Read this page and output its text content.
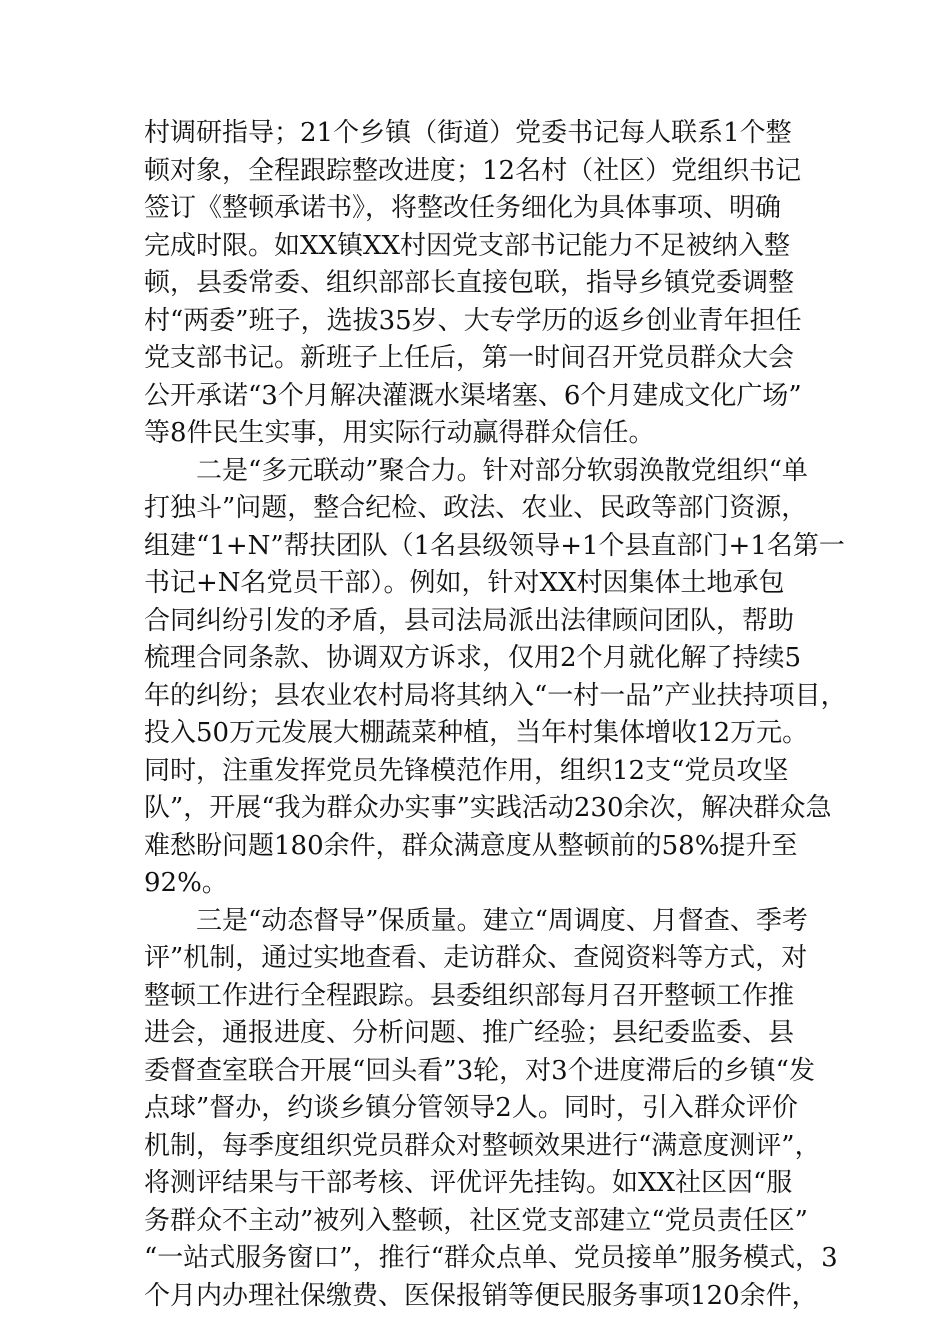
村调研指导；21个乡镇（街道）党委书记每人联系1个整
顿对象，全程跟踪整改进度；12名村（社区）党组织书记
签订《整顿承诺书》，将整改任务细化为具体事项、明确
完成时限。如XX镇XX村因党支部书记能力不足被纳入整
顿，县委常委、组织部部长直接包联，指导乡镇党委调整
村“两委”班子，选拔35岁、大专学历的返乡创业青年担任
党支部书记。新班子上任后，第一时间召开党员群众大会
公开承诺“3个月解决灌溉水渠堵塞、6个月建成文化广场”
等8件民生实事，用实际行动赢得群众信任。
二是“多元联动”聚合力。针对部分软弱涣散党组织“单
打独斗”问题，整合纪检、政法、农业、民政等部门资源，
组建“1+N”帮扶团队（1名县级领导+1个县直部门+1名第一
书记+N名党员干部）。例如，针对XX村因集体土地承包
合同纠纷引发的矛盾，县司法局派出法律顾问团队，帮助
梳理合同条款、协调双方诉求，仅用2个月就化解了持续5
年的纠纷；县农业农村局将其纳入“一村一品”产业扶持项目，
投入50万元发展大棚蔬菜种植，当年村集体增收12万元。
同时，注重发挥党员先锋模范作用，组织12支“党员攻坚
队”，开展“我为群众办实事”实践活动230余次，解决群众急
难愁盼问题180余件，群众满意度从整顿前的58%提升至
92%。
三是“动态督导”保质量。建立“周调度、月督查、季考
评”机制，通过实地查看、走访群众、查阅资料等方式，对
整顿工作进行全程跟踪。县委组织部每月召开整顿工作推
进会，通报进度、分析问题、推广经验；县纪委监委、县
委督查室联合开展“回头看”3轮，对3个进度滞后的乡镇“发
点球”督办，约谈乡镇分管领导2人。同时，引入群众评价
机制，每季度组织党员群众对整顿效果进行“满意度测评”，
将测评结果与干部考核、评优评先挂钩。如XX社区因“服
务群众不主动”被列入整顿，社区党支部建立“党员责任区”
“一站式服务窗口”，推行“群众点单、党员接单”服务模式，3
个月内办理社保缴费、医保报销等便民服务事项120余件，
